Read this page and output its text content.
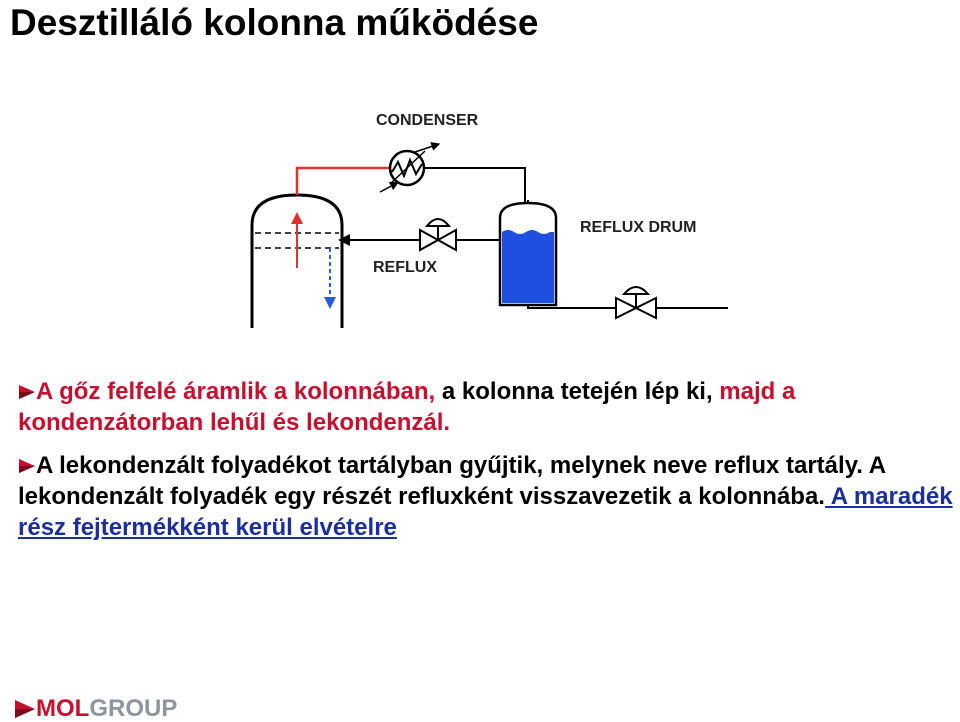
Desztilláló kolonna működése
CONDENSER
REFLUX DRUM
REFLUX

A gőz felfelé áramlik a kolonnában, a kolonna tetején lép ki, majd a kondenzátorban lehűl és lekondenzál.

A lekondenzált folyadékot tartályban gyűjtik, melynek neve reflux tartály. A lekondenzált folyadék egy részét refluxként visszavezetik a kolonnába. A maradék rész fejtermékként kerül elvételre

MOL GROUP
